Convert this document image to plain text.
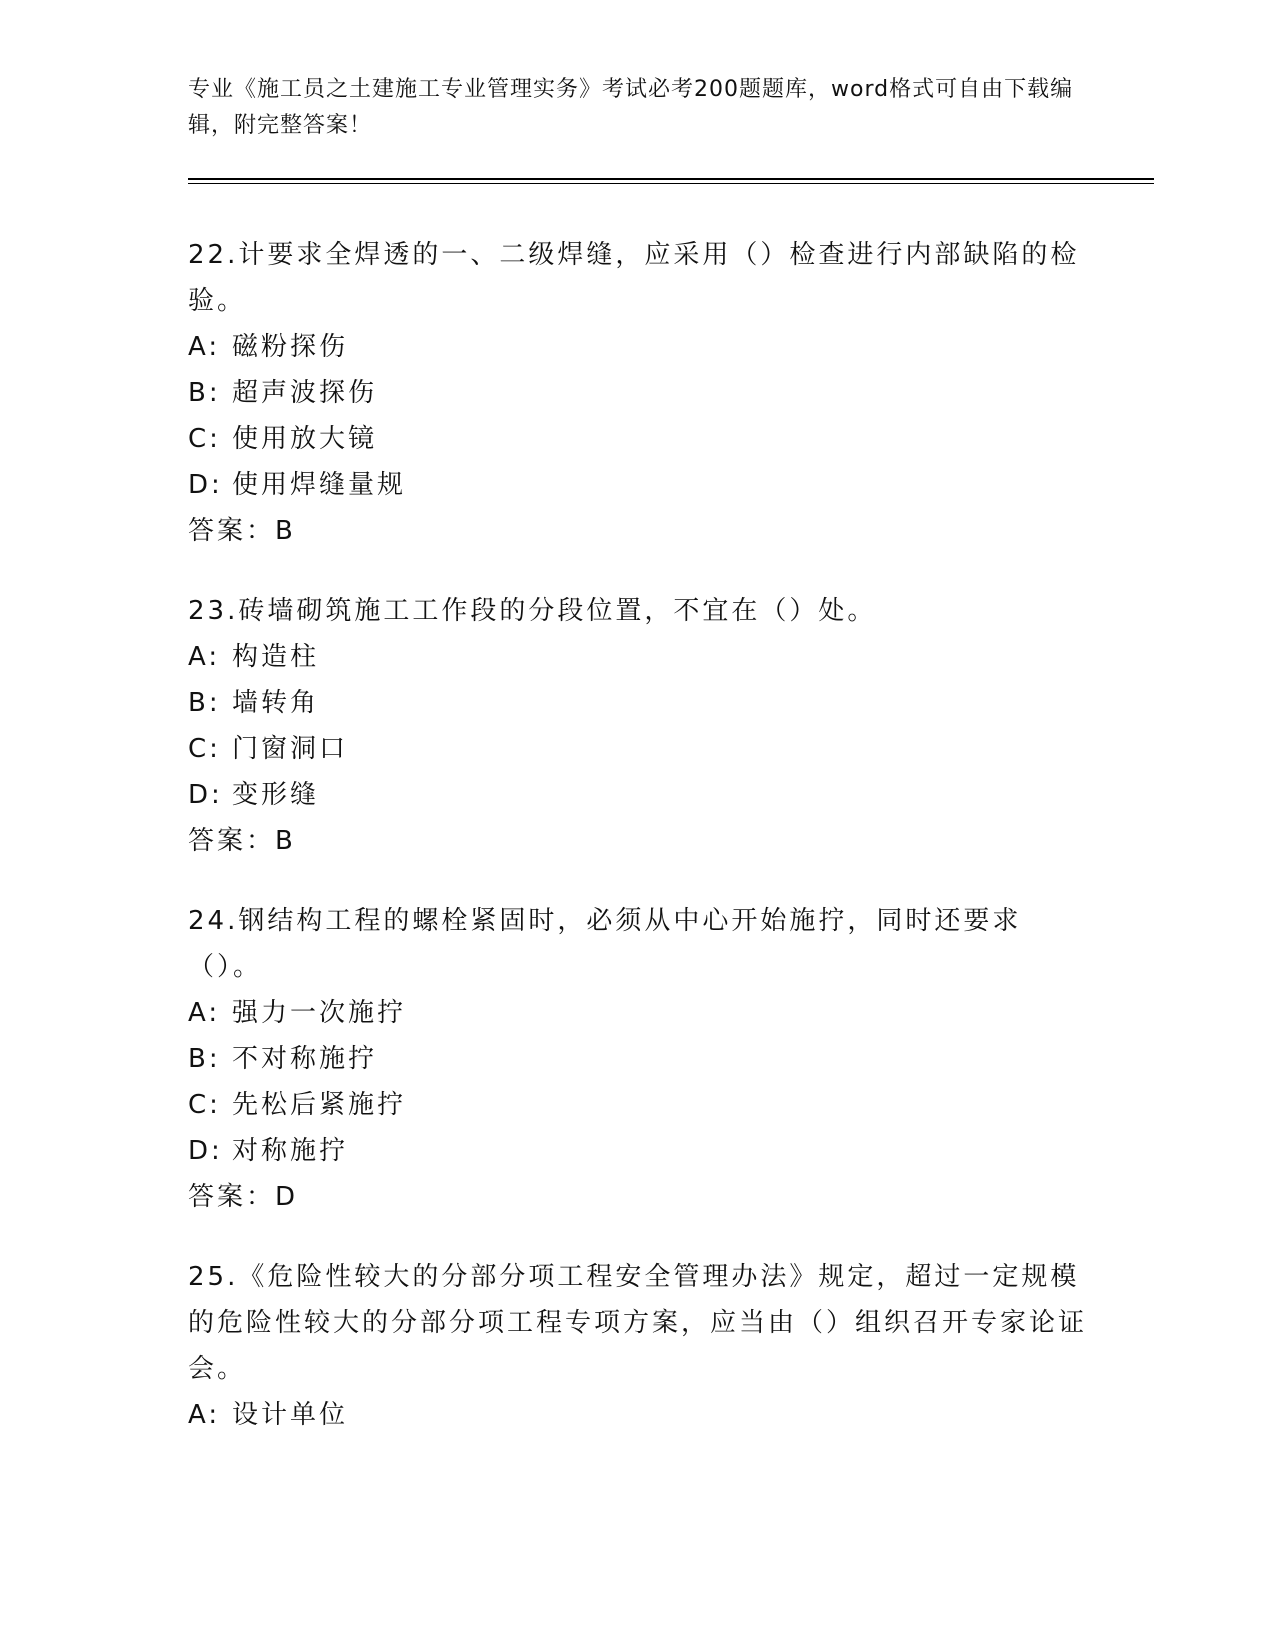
专业《施工员之土建施工专业管理实务》考试必考200题题库，word格式可自由下载编辑，附完整答案！
22.计要求全焊透的一、二级焊缝，应采用（）检查进行内部缺陷的检验。
A: 磁粉探伤
B: 超声波探伤
C: 使用放大镜
D: 使用焊缝量规
答案：B
23.砖墙砌筑施工工作段的分段位置，不宜在（）处。
A: 构造柱
B: 墙转角
C: 门窗洞口
D: 变形缝
答案：B
24.钢结构工程的螺栓紧固时，必须从中心开始施拧，同时还要求（）。
A: 强力一次施拧
B: 不对称施拧
C: 先松后紧施拧
D: 对称施拧
答案：D
25.《危险性较大的分部分项工程安全管理办法》规定，超过一定规模的危险性较大的分部分项工程专项方案，应当由（）组织召开专家论证会。
A: 设计单位
